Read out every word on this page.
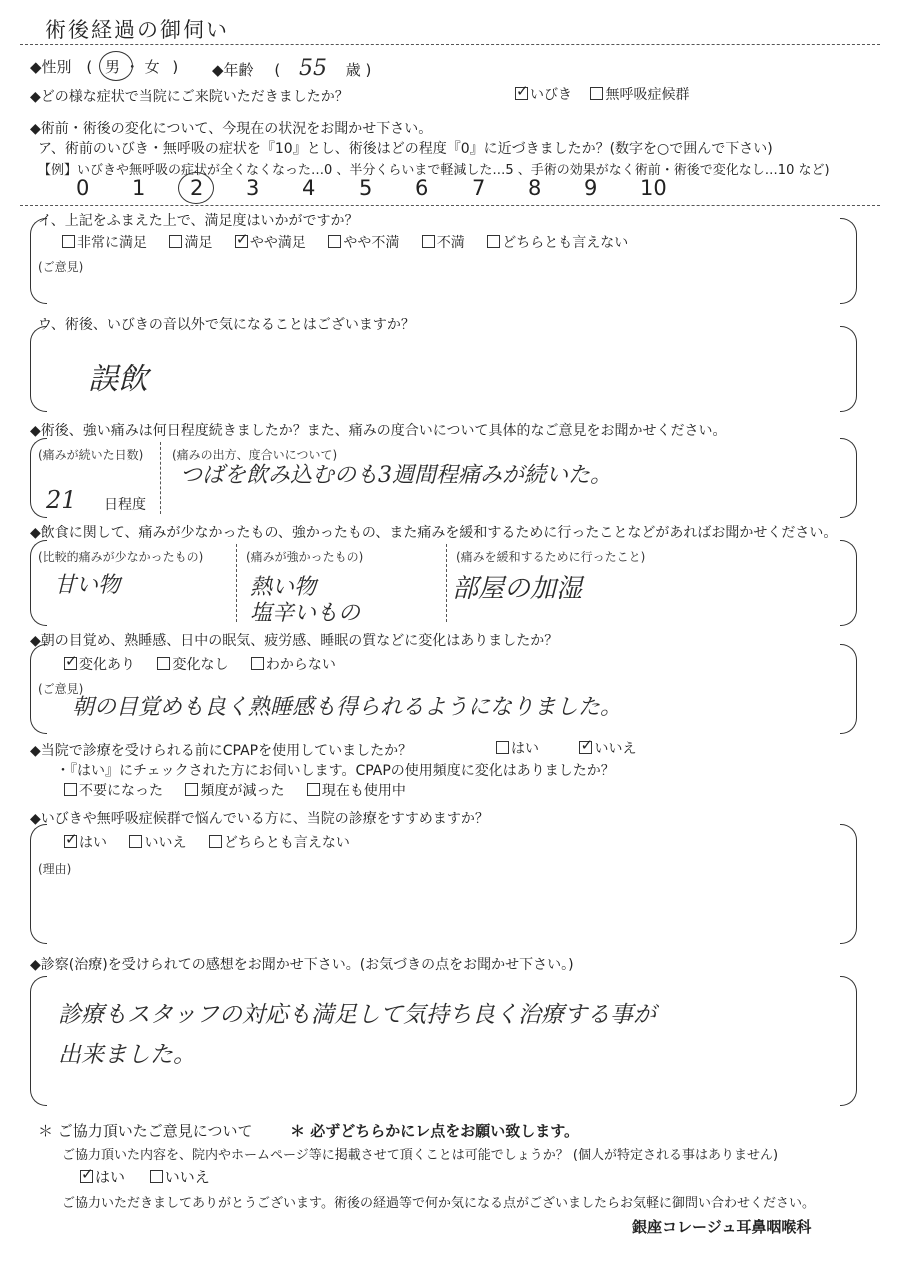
術後経過の御伺い
◆性別 ( 男 ・ 女 ) ◆年齢 ( 55 歳 )
◆どの様な症状で当院にご来院いただきましたか？ ✓	いびき 無呼吸症候群
◆術前・術後の変化について、今現在の状況をお聞かせ下さい。
ア、術前のいびき・無呼吸の症状を『10』とし、術後はどの程度『0』に近づきましたか？(数字を○で囲んで下さい)
【例】いびきや無呼吸の症状が全くなくなった…0 、半分くらいまで軽減した…5 、手術の効果がなく術前・術後で変化なし…10 など)
0 1 2 3 4 5 6 7 8 9 10
イ、上記をふまえた上で、満足度はいかがですか？
非常に満足	満足 ✓	やや満足	やや不満	不満	どちらとも言えない
(ご意見)
ウ、術後、いびきの音以外で気になることはございますか？
誤飲
◆術後、強い痛みは何日程度続きましたか？また、痛みの度合いについて具体的なご意見をお聞かせください。
(痛みが続いた日数)
21 日程度
(痛みの出方、度合いについて)
つばを飲み込むのも3週間程痛みが続いた。
◆飲食に関して、痛みが少なかったもの、強かったもの、また痛みを緩和するために行ったことなどがあればお聞かせください。
(比較的痛みが少なかったもの)
甘い物
(痛みが強かったもの)
熱い物
塩辛いもの
(痛みを緩和するために行ったこと)
部屋の加湿
◆朝の目覚め、熟睡感、日中の眠気、疲労感、睡眠の質などに変化はありましたか？
✓変化あり	変化なし	わからない
(ご意見)
朝の目覚めも良く熟睡感も得られるようになりました。
◆当院で診療を受けられる前にCPAPを使用していましたか？	はい ✓	いいえ
・『はい』にチェックされた方にお伺いします。CPAPの使用頻度に変化はありましたか？
不要になった	頻度が減った	現在も使用中
◆いびきや無呼吸症候群で悩んでいる方に、当院の診療をすすめますか？
✓はい	いいえ	どちらとも言えない
(理由)
◆診察(治療)を受けられての感想をお聞かせ下さい。(お気づきの点をお聞かせ下さい。)
診療もスタッフの対応も満足して気持ち良く治療する事が
出来ました。
＊ ご協力頂いたご意見について	＊ 必ずどちらかにレ点をお願い致します。
ご協力頂いた内容を、院内やホームページ等に掲載させて頂くことは可能でしょうか？ (個人が特定される事はありません)
✓はい	いいえ
ご協力いただきましてありがとうございます。術後の経過等で何か気になる点がございましたらお気軽に御問い合わせください。
銀座コレージュ耳鼻咽喉科
